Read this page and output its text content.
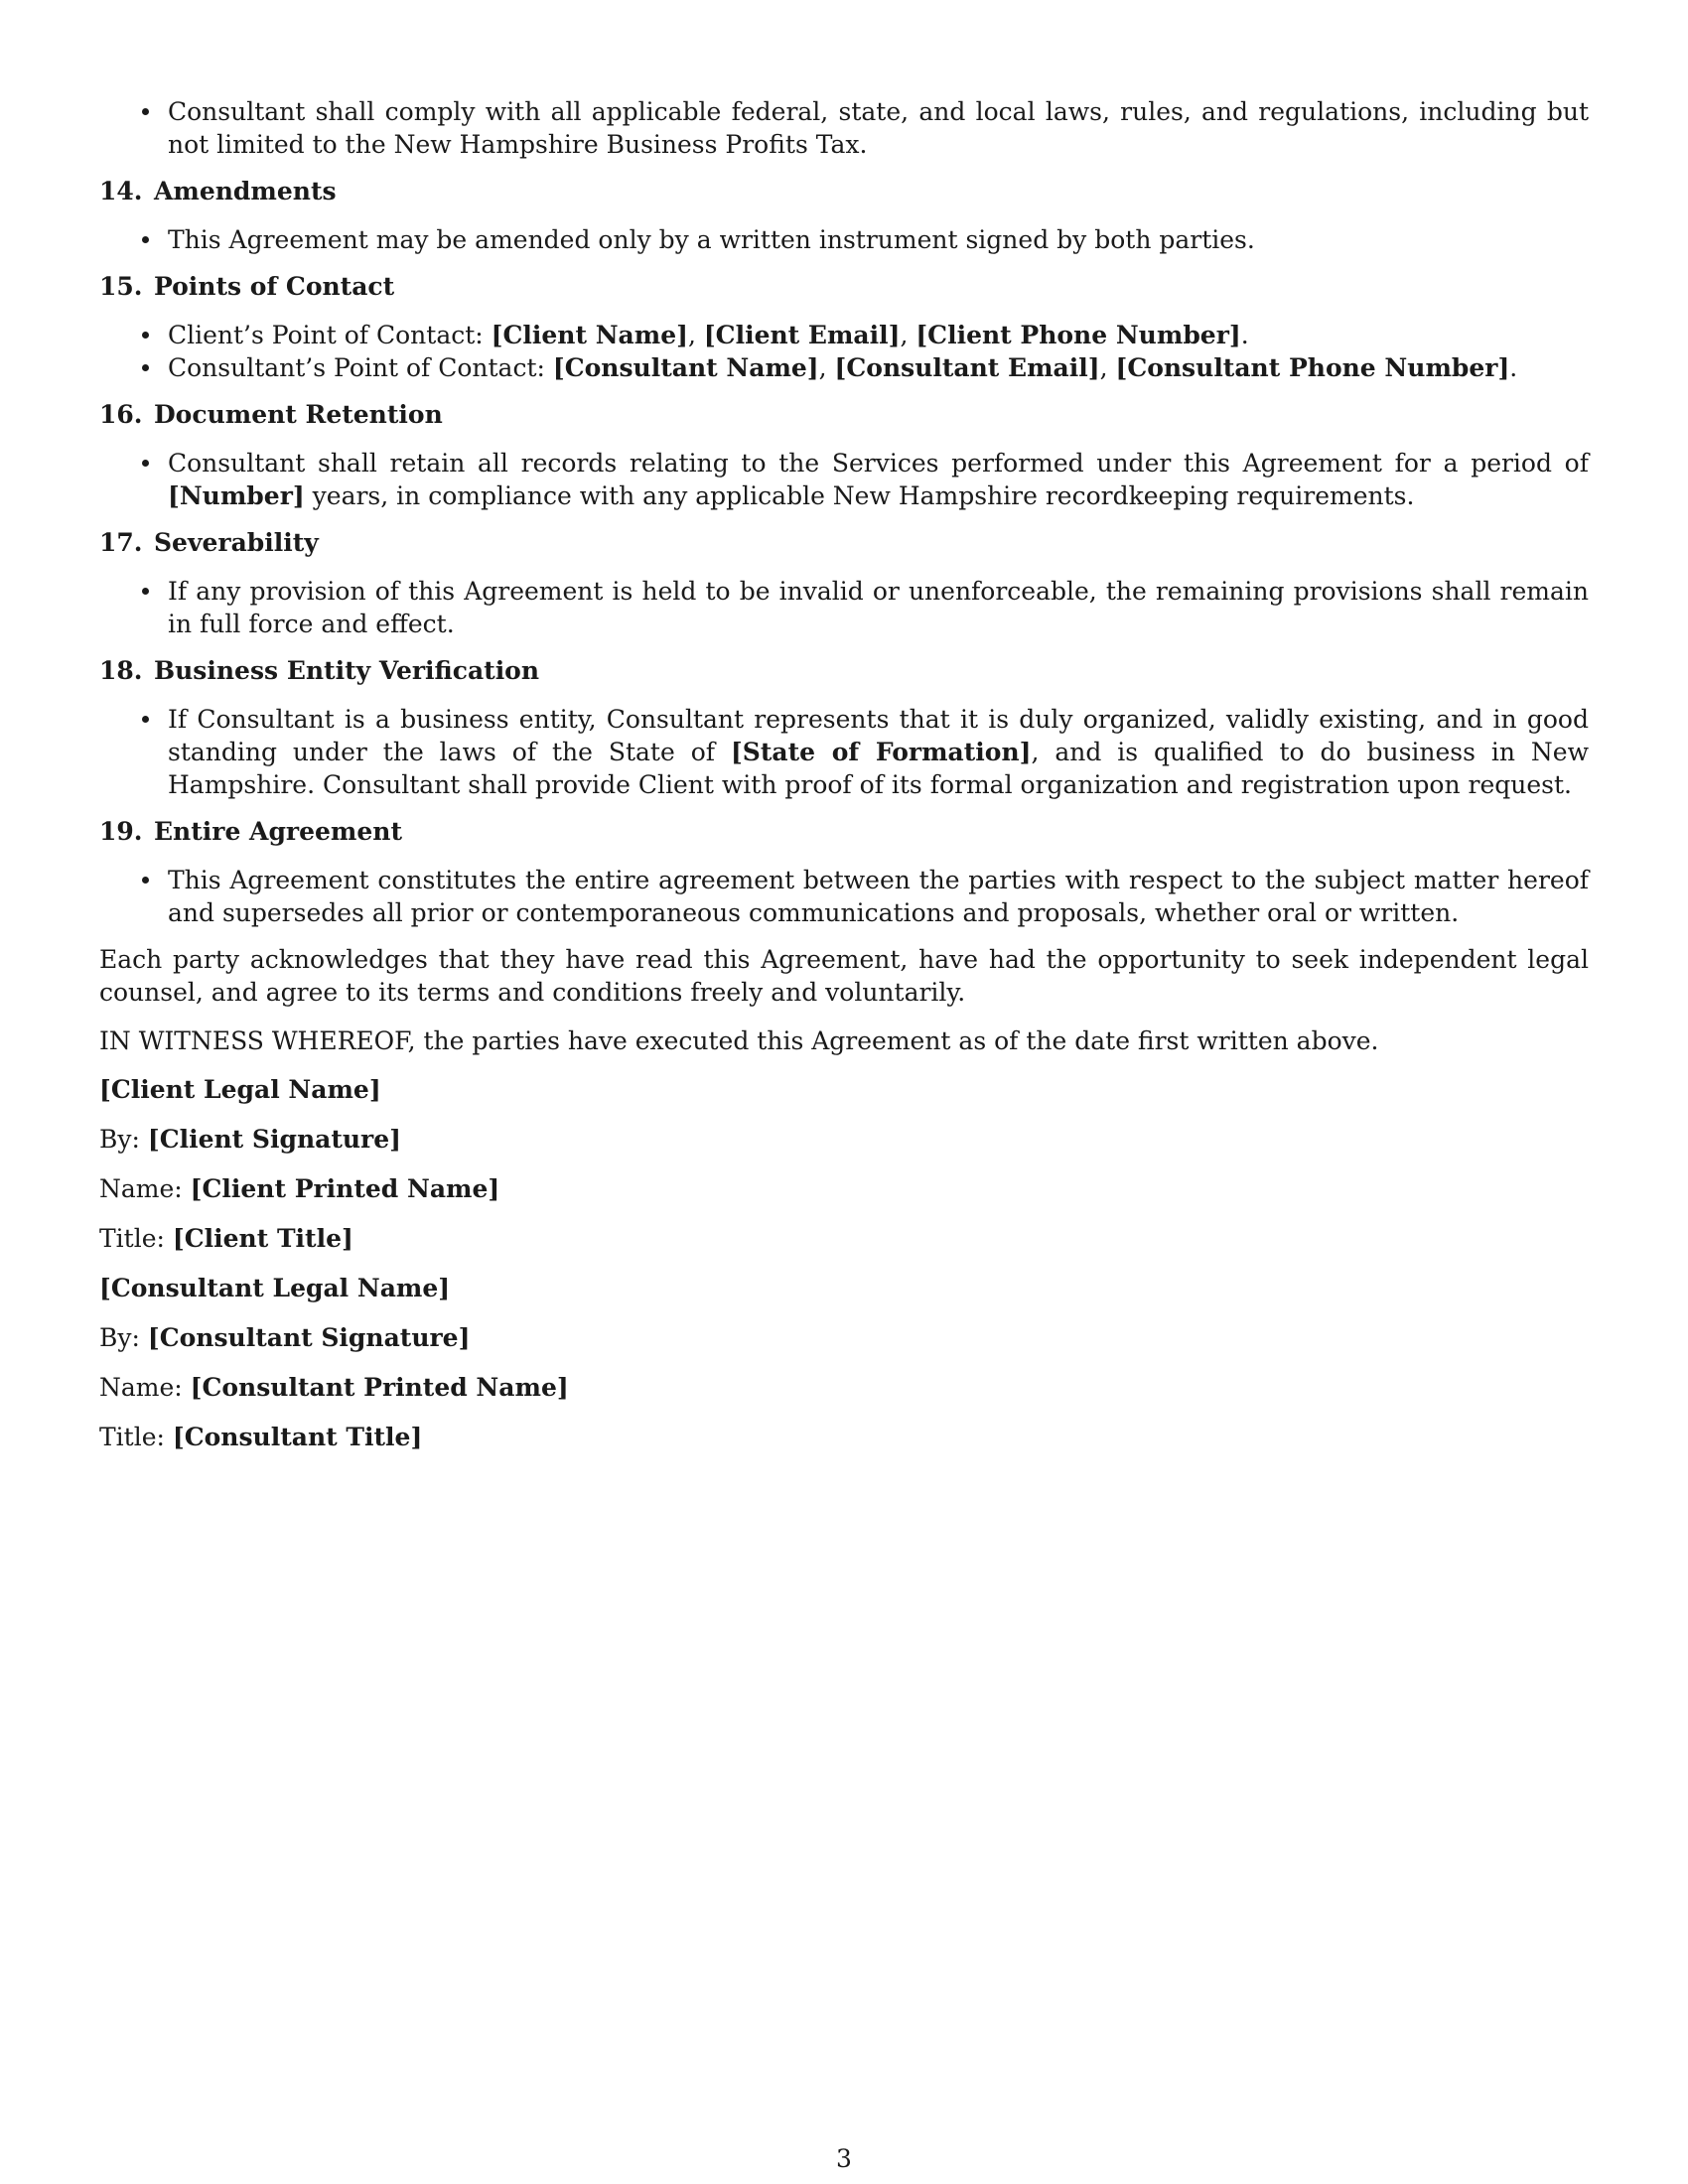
Consultant shall comply with all applicable federal, state, and local laws, rules, and regulations, including but not limited to the New Hampshire Business Profits Tax.
14. Amendments
This Agreement may be amended only by a written instrument signed by both parties.
15. Points of Contact
Client’s Point of Contact: [Client Name], [Client Email], [Client Phone Number].
Consultant’s Point of Contact: [Consultant Name], [Consultant Email], [Consultant Phone Number].
16. Document Retention
Consultant shall retain all records relating to the Services performed under this Agreement for a period of [Number] years, in compliance with any applicable New Hampshire recordkeeping requirements.
17. Severability
If any provision of this Agreement is held to be invalid or unenforceable, the remaining provisions shall remain in full force and effect.
18. Business Entity Verification
If Consultant is a business entity, Consultant represents that it is duly organized, validly existing, and in good standing under the laws of the State of [State of Formation], and is qualified to do business in New Hampshire. Consultant shall provide Client with proof of its formal organization and registration upon request.
19. Entire Agreement
This Agreement constitutes the entire agreement between the parties with respect to the subject matter hereof and supersedes all prior or contemporaneous communications and proposals, whether oral or written.

Each party acknowledges that they have read this Agreement, have had the opportunity to seek independent legal counsel, and agree to its terms and conditions freely and voluntarily.

IN WITNESS WHEREOF, the parties have executed this Agreement as of the date first written above.

[Client Legal Name]
By: [Client Signature]
Name: [Client Printed Name]
Title: [Client Title]
[Consultant Legal Name]
By: [Consultant Signature]
Name: [Consultant Printed Name]
Title: [Consultant Title]
3
